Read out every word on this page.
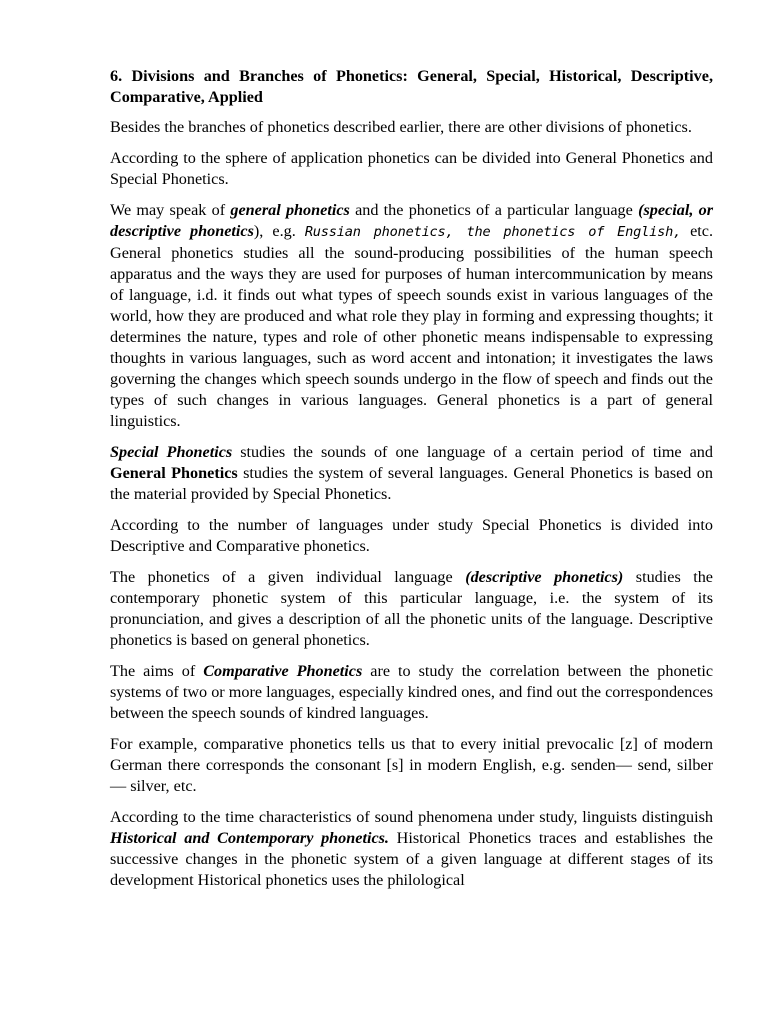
6. Divisions and Branches of Phonetics: General, Special, Historical, Descriptive, Comparative, Applied

Besides the branches of phonetics described earlier, there are other divisions of phonetics.

According to the sphere of application phonetics can be divided into General Phonetics and Special Phonetics.

We may speak of general phonetics and the phonetics of a particular language (special, or descriptive phonetics), e.g. Russian phonetics, the phonetics of English, etc. General phonetics studies all the sound-producing possibilities of the human speech apparatus and the ways they are used for purposes of human intercommunication by means of language, i.d. it finds out what types of speech sounds exist in various languages of the world, how they are produced and what role they play in forming and expressing thoughts; it determines the nature, types and role of other phonetic means indispensable to expressing thoughts in various languages, such as word accent and intonation; it investigates the laws governing the changes which speech sounds undergo in the flow of speech and finds out the types of such changes in various languages. General phonetics is a part of general linguistics.

Special Phonetics studies the sounds of one language of a certain period of time and General Phonetics studies the system of several languages. General Phonetics is based on the material provided by Special Phonetics.

According to the number of languages under study Special Phonetics is divided into Descriptive and Comparative phonetics.

The phonetics of a given individual language (descriptive phonetics) studies the contemporary phonetic system of this particular language, i.e. the system of its pronunciation, and gives a description of all the phonetic units of the language. Descriptive phonetics is based on general phonetics.

The aims of Comparative Phonetics are to study the correlation between the phonetic systems of two or more languages, especially kindred ones, and find out the correspondences between the speech sounds of kindred languages.

For example, comparative phonetics tells us that to every initial prevocalic [z] of modern German there corresponds the consonant [s] in modern English, e.g. senden— send, silber — silver, etc.

According to the time characteristics of sound phenomena under study, linguists distinguish Historical and Contemporary phonetics. Historical Phonetics traces and establishes the successive changes in the phonetic system of a given language at different stages of its development Historical phonetics uses the philological
